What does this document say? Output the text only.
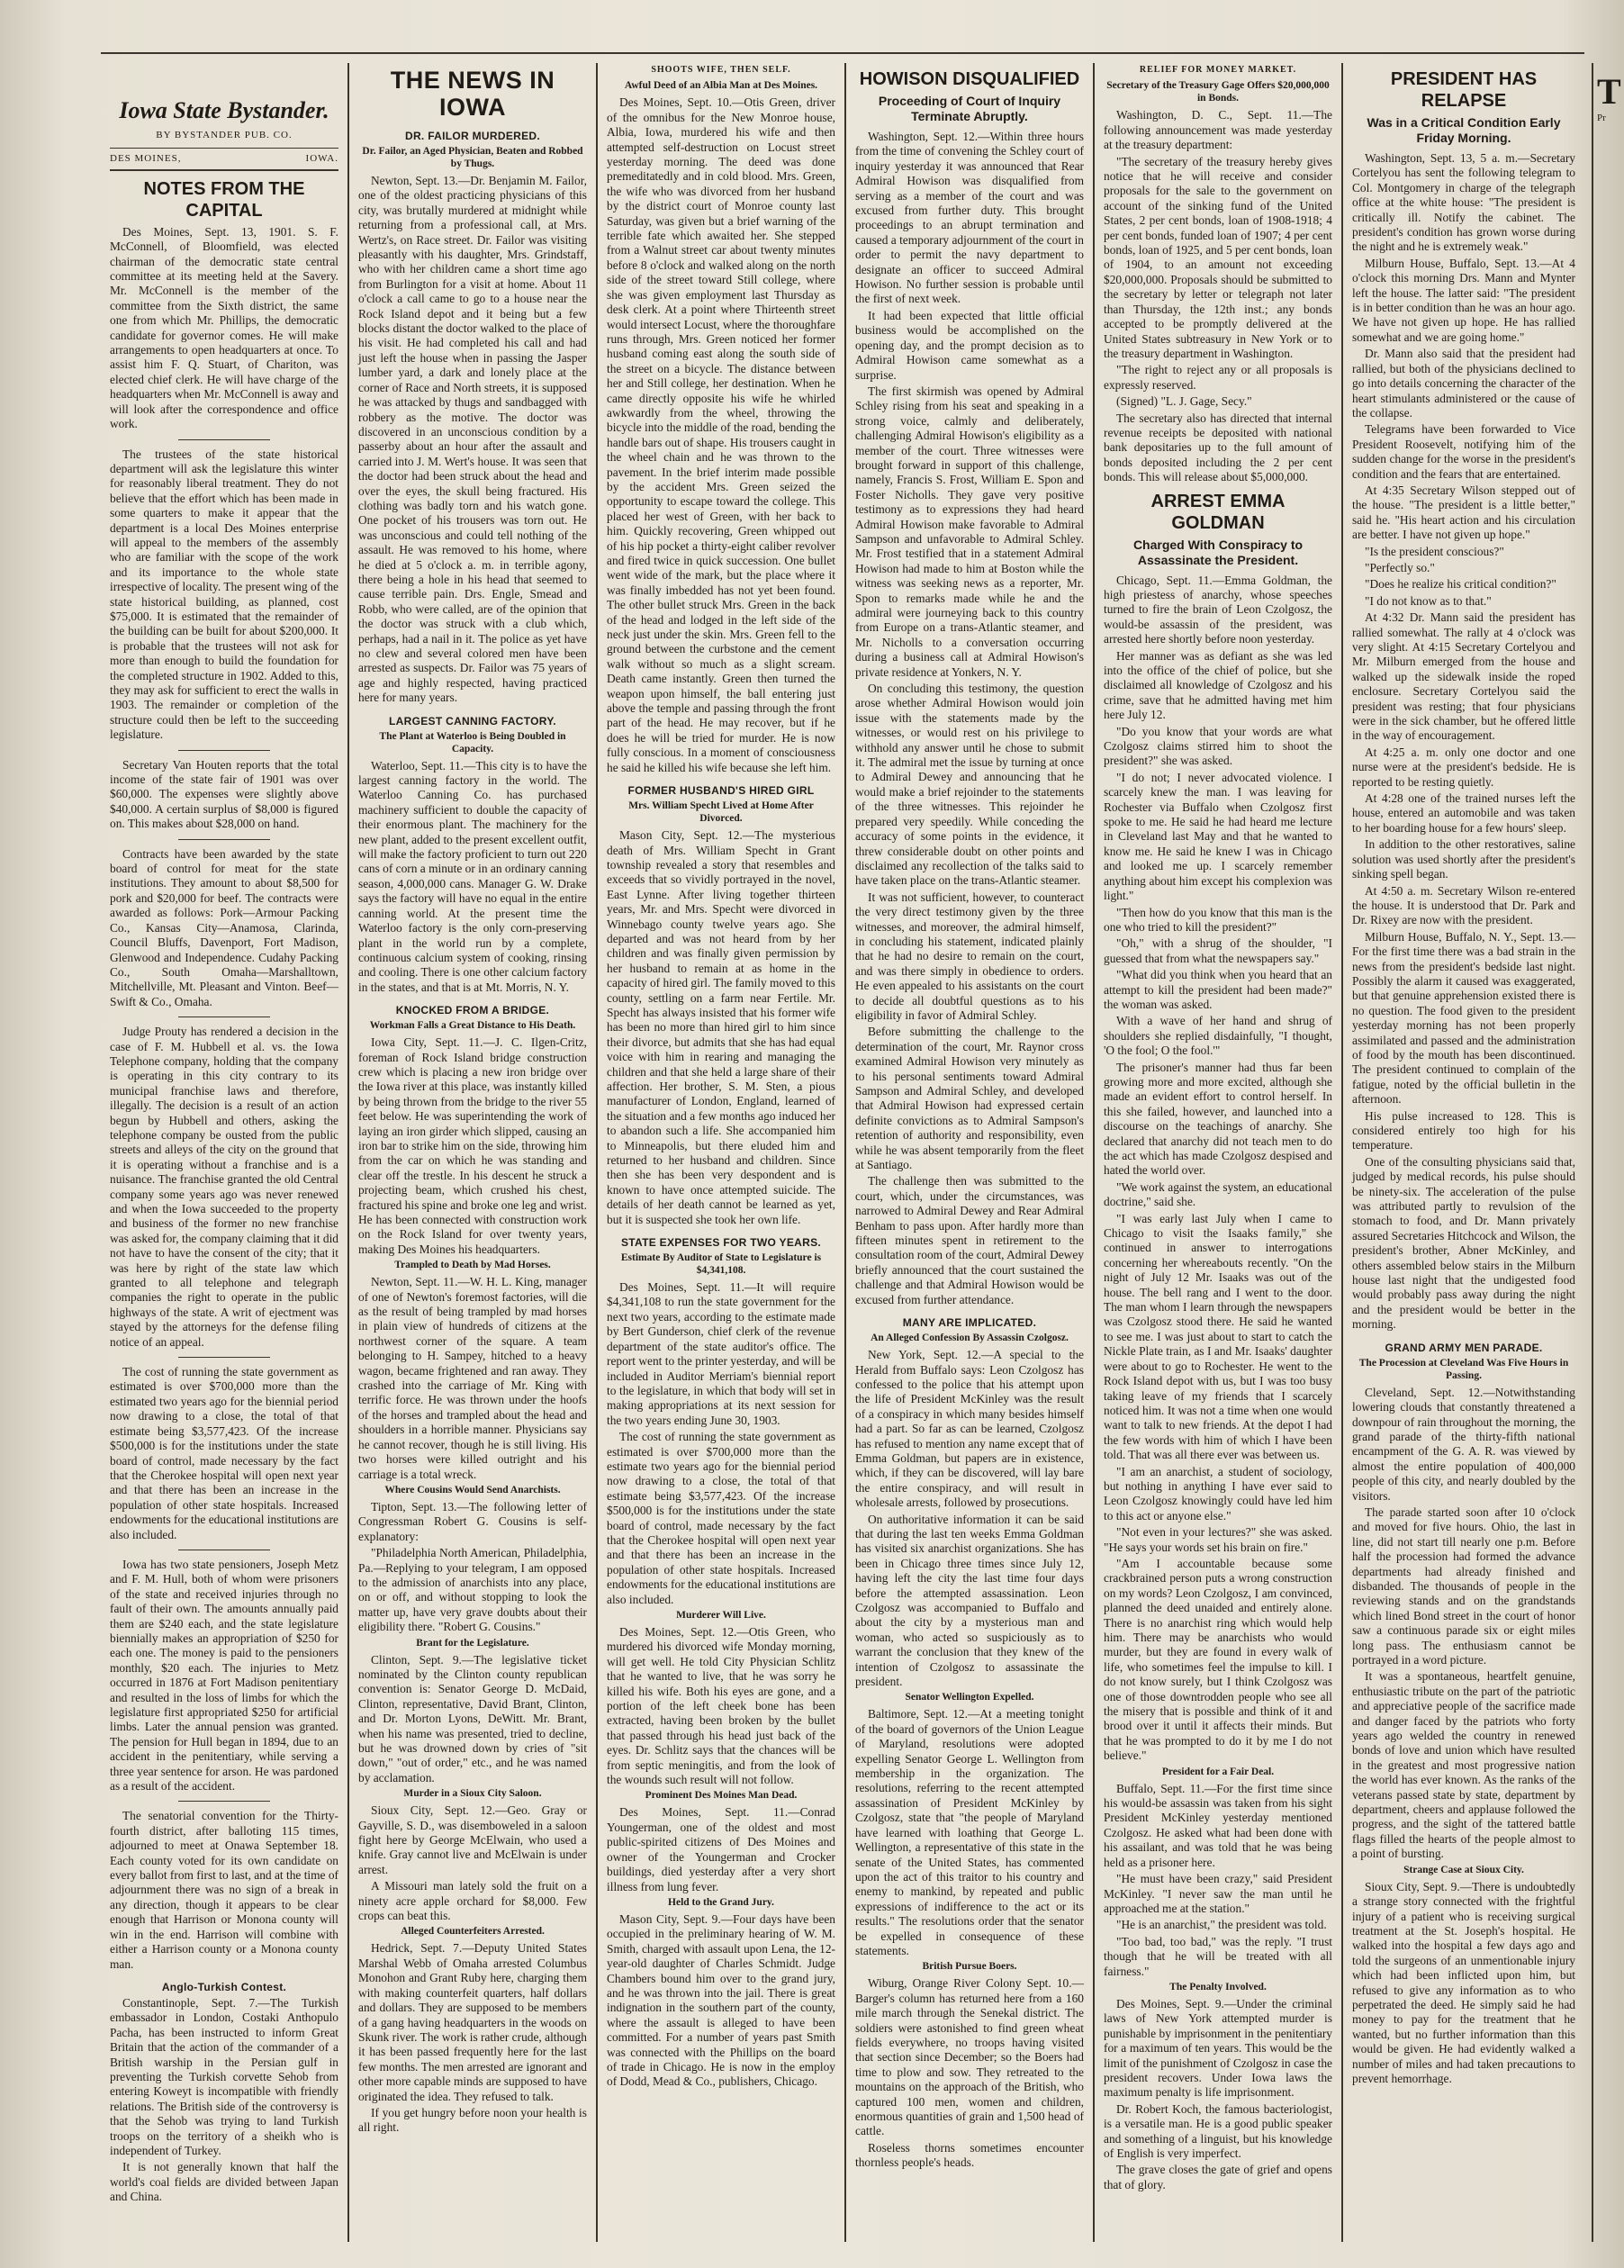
Iowa State Bystander.
BY BYSTANDER PUB. CO.
DES MOINES,	IOWA.
NOTES FROM THE CAPITAL

Des Moines, Sept. 13, 1901. S. F. McConnell, of Bloomfield, was elected chairman of the democratic state central committee at its meeting held at the Savery. Mr. McConnell is the member of the committee from the Sixth district, the same one from which Mr. Phillips, the democratic candidate for governor comes. He will make arrangements to open headquarters at once. To assist him F. Q. Stuart, of Chariton, was elected chief clerk. He will have charge of the headquarters when Mr. McConnell is away and will look after the correspondence and office work.

The trustees of the state historical department will ask the legislature this winter for reasonably liberal treatment. They do not believe that the effort which has been made in some quarters to make it appear that the department is a local Des Moines enterprise will appeal to the members of the assembly who are familiar with the scope of the work and its importance to the whole state irrespective of locality. The present wing of the state historical building, as planned, cost $75,000. It is estimated that the remainder of the building can be built for about $200,000. It is probable that the trustees will not ask for more than enough to build the foundation for the completed structure in 1902. Added to this, they may ask for sufficient to erect the walls in 1903. The remainder or completion of the structure could then be left to the succeeding legislature.

Secretary Van Houten reports that the total income of the state fair of 1901 was over $60,000. The expenses were slightly above $40,000. A certain surplus of $8,000 is figured on. This makes about $28,000 on hand.

Contracts have been awarded by the state board of control for meat for the state institutions. They amount to about $8,500 for pork and $20,000 for beef. The contracts were awarded as follows: Pork—Armour Packing Co., Kansas City—Anamosa, Clarinda, Council Bluffs, Davenport, Fort Madison, Glenwood and Independence. Cudahy Packing Co., South Omaha—Marshalltown, Mitchellville, Mt. Pleasant and Vinton. Beef—Swift & Co., Omaha.

Judge Prouty has rendered a decision in the case of F. M. Hubbell et al. vs. the Iowa Telephone company, holding that the company is operating in this city contrary to its municipal franchise laws and therefore, illegally. The decision is a result of an action begun by Hubbell and others, asking the telephone company be ousted from the public streets and alleys of the city on the ground that it is operating without a franchise and is a nuisance. The franchise granted the old Central company some years ago was never renewed and when the Iowa succeeded to the property and business of the former no new franchise was asked for, the company claiming that it did not have to have the consent of the city; that it was here by right of the state law which granted to all telephone and telegraph companies the right to operate in the public highways of the state. A writ of ejectment was stayed by the attorneys for the defense filing notice of an appeal.

The cost of running the state government as estimated is over $700,000 more than the estimated two years ago for the biennial period now drawing to a close, the total of that estimate being $3,577,423. Of the increase $500,000 is for the institutions under the state board of control, made necessary by the fact that the Cherokee hospital will open next year and that there has been an increase in the population of other state hospitals. Increased endowments for the educational institutions are also included.

Iowa has two state pensioners, Joseph Metz and F. M. Hull, both of whom were prisoners of the state and received injuries through no fault of their own. The amounts annually paid them are $240 each, and the state legislature biennially makes an appropriation of $250 for each one. The money is paid to the pensioners monthly, $20 each. The injuries to Metz occurred in 1876 at Fort Madison penitentiary and resulted in the loss of limbs for which the legislature first appropriated $250 for artificial limbs. Later the annual pension was granted. The pension for Hull began in 1894, due to an accident in the penitentiary, while serving a three year sentence for arson. He was pardoned as a result of the accident.

The senatorial convention for the Thirty-fourth district, after balloting 115 times, adjourned to meet at Onawa September 18. Each county voted for its own candidate on every ballot from first to last, and at the time of adjournment there was no sign of a break in any direction, though it appears to be clear enough that Harrison or Monona county will win in the end. Harrison will combine with either a Harrison county or a Monona county man.

Anglo-Turkish Contest.

Constantinople, Sept. 7.—The Turkish embassador in London, Costaki Anthopulo Pacha, has been instructed to inform Great Britain that the action of the commander of a British warship in the Persian gulf in preventing the Turkish corvette Sehob from entering Koweyt is incompatible with friendly relations. The British side of the controversy is that the Sehob was trying to land Turkish troops on the territory of a sheikh who is independent of Turkey.

It is not generally known that half the world's coal fields are divided between Japan and China.

THE NEWS IN IOWA
DR. FAILOR MURDERED.
Dr. Failor, an Aged Physician, Beaten and Robbed by Thugs.

Newton, Sept. 13.—Dr. Benjamin M. Failor, one of the oldest practicing physicians of this city, was brutally murdered at midnight while returning from a professional call, at Mrs. Wertz's, on Race street. Dr. Failor was visiting pleasantly with his daughter, Mrs. Grindstaff, who with her children came a short time ago from Burlington for a visit at home. About 11 o'clock a call came to go to a house near the Rock Island depot and it being but a few blocks distant the doctor walked to the place of his visit. He had completed his call and had just left the house when in passing the Jasper lumber yard, a dark and lonely place at the corner of Race and North streets, it is supposed he was attacked by thugs and sandbagged with robbery as the motive. The doctor was discovered in an unconscious condition by a passerby about an hour after the assault and carried into J. M. Wert's house. It was seen that the doctor had been struck about the head and over the eyes, the skull being fractured. His clothing was badly torn and his watch gone. One pocket of his trousers was torn out. He was unconscious and could tell nothing of the assault. He was removed to his home, where he died at 5 o'clock a. m. in terrible agony, there being a hole in his head that seemed to cause terrible pain. Drs. Engle, Smead and Robb, who were called, are of the opinion that the doctor was struck with a club which, perhaps, had a nail in it. The police as yet have no clew and several colored men have been arrested as suspects. Dr. Failor was 75 years of age and highly respected, having practiced here for many years.

LARGEST CANNING FACTORY.
The Plant at Waterloo is Being Doubled in Capacity.

Waterloo, Sept. 11.—This city is to have the largest canning factory in the world. The Waterloo Canning Co. has purchased machinery sufficient to double the capacity of their enormous plant. The machinery for the new plant, added to the present excellent outfit, will make the factory proficient to turn out 220 cans of corn a minute or in an ordinary canning season, 4,000,000 cans. Manager G. W. Drake says the factory will have no equal in the entire canning world. At the present time the Waterloo factory is the only corn-preserving plant in the world run by a complete, continuous calcium system of cooking, rinsing and cooling. There is one other calcium factory in the states, and that is at Mt. Morris, N. Y.

KNOCKED FROM A BRIDGE.
Workman Falls a Great Distance to His Death.

Iowa City, Sept. 11.—J. C. Ilgen-Critz, foreman of Rock Island bridge construction crew which is placing a new iron bridge over the Iowa river at this place, was instantly killed by being thrown from the bridge to the river 55 feet below. He was superintending the work of laying an iron girder which slipped, causing an iron bar to strike him on the side, throwing him from the car on which he was standing and clear off the trestle. In his descent he struck a projecting beam, which crushed his chest, fractured his spine and broke one leg and wrist. He has been connected with construction work on the Rock Island for over twenty years, making Des Moines his headquarters.

Trampled to Death by Mad Horses.

Newton, Sept. 11.—W. H. L. King, manager of one of Newton's foremost factories, will die as the result of being trampled by mad horses in plain view of hundreds of citizens at the northwest corner of the square. A team belonging to H. Sampey, hitched to a heavy wagon, became frightened and ran away. They crashed into the carriage of Mr. King with terrific force. He was thrown under the hoofs of the horses and trampled about the head and shoulders in a horrible manner. Physicians say he cannot recover, though he is still living. His two horses were killed outright and his carriage is a total wreck.

Where Cousins Would Send Anarchists.

Tipton, Sept. 13.—The following letter of Congressman Robert G. Cousins is self-explanatory:

"Philadelphia North American, Philadelphia, Pa.—Replying to your telegram, I am opposed to the admission of anarchists into any place, on or off, and without stopping to look the matter up, have very grave doubts about their eligibility there. "Robert G. Cousins."

Brant for the Legislature.

Clinton, Sept. 9.—The legislative ticket nominated by the Clinton county republican convention is: Senator George D. McDaid, Clinton, representative, David Brant, Clinton, and Dr. Morton Lyons, DeWitt. Mr. Brant, when his name was presented, tried to decline, but he was drowned down by cries of "sit down," "out of order," etc., and he was named by acclamation.

Murder in a Sioux City Saloon.

Sioux City, Sept. 12.—Geo. Gray or Gayville, S. D., was disemboweled in a saloon fight here by George McElwain, who used a knife. Gray cannot live and McElwain is under arrest.

A Missouri man lately sold the fruit on a ninety acre apple orchard for $8,000. Few crops can beat this.

Alleged Counterfeiters Arrested.

Hedrick, Sept. 7.—Deputy United States Marshal Webb of Omaha arrested Columbus Monohon and Grant Ruby here, charging them with making counterfeit quarters, half dollars and dollars. They are supposed to be members of a gang having headquarters in the woods on Skunk river. The work is rather crude, although it has been passed frequently here for the last few months. The men arrested are ignorant and other more capable minds are supposed to have originated the idea. They refused to talk.

If you get hungry before noon your health is all right.

SHOOTS WIFE, THEN SELF.
Awful Deed of an Albia Man at Des Moines.

Des Moines, Sept. 10.—Otis Green, driver of the omnibus for the New Monroe house, Albia, Iowa, murdered his wife and then attempted self-destruction on Locust street yesterday morning. The deed was done premeditatedly and in cold blood. Mrs. Green, the wife who was divorced from her husband by the district court of Monroe county last Saturday, was given but a brief warning of the terrible fate which awaited her. She stepped from a Walnut street car about twenty minutes before 8 o'clock and walked along on the north side of the street toward Still college, where she was given employment last Thursday as desk clerk. At a point where Thirteenth street would intersect Locust, where the thoroughfare runs through, Mrs. Green noticed her former husband coming east along the south side of the street on a bicycle. The distance between her and Still college, her destination. When he came directly opposite his wife he whirled awkwardly from the wheel, throwing the bicycle into the middle of the road, bending the handle bars out of shape. His trousers caught in the wheel chain and he was thrown to the pavement. In the brief interim made possible by the accident Mrs. Green seized the opportunity to escape toward the college. This placed her west of Green, with her back to him. Quickly recovering, Green whipped out of his hip pocket a thirty-eight caliber revolver and fired twice in quick succession. One bullet went wide of the mark, but the place where it was finally imbedded has not yet been found. The other bullet struck Mrs. Green in the back of the head and lodged in the left side of the neck just under the skin. Mrs. Green fell to the ground between the curbstone and the cement walk without so much as a slight scream. Death came instantly. Green then turned the weapon upon himself, the ball entering just above the temple and passing through the front part of the head. He may recover, but if he does he will be tried for murder. He is now fully conscious. In a moment of consciousness he said he killed his wife because she left him.

FORMER HUSBAND'S HIRED GIRL
Mrs. William Specht Lived at Home After Divorced.

Mason City, Sept. 12.—The mysterious death of Mrs. William Specht in Grant township revealed a story that resembles and exceeds that so vividly portrayed in the novel, East Lynne. After living together thirteen years, Mr. and Mrs. Specht were divorced in Winnebago county twelve years ago. She departed and was not heard from by her children and was finally given permission by her husband to remain at as home in the capacity of hired girl. The family moved to this county, settling on a farm near Fertile. Mr. Specht has always insisted that his former wife has been no more than hired girl to him since their divorce, but admits that she has had equal voice with him in rearing and managing the children and that she held a large share of their affection. Her brother, S. M. Sten, a pious manufacturer of London, England, learned of the situation and a few months ago induced her to abandon such a life. She accompanied him to Minneapolis, but there eluded him and returned to her husband and children. Since then she has been very despondent and is known to have once attempted suicide. The details of her death cannot be learned as yet, but it is suspected she took her own life.

STATE EXPENSES FOR TWO YEARS.
Estimate By Auditor of State to Legislature is $4,341,108.

Des Moines, Sept. 11.—It will require $4,341,108 to run the state government for the next two years, according to the estimate made by Bert Gunderson, chief clerk of the revenue department of the state auditor's office. The report went to the printer yesterday, and will be included in Auditor Merriam's biennial report to the legislature, in which that body will set in making appropriations at its next session for the two years ending June 30, 1903.

The cost of running the state government as estimated is over $700,000 more than the estimate two years ago for the biennial period now drawing to a close, the total of that estimate being $3,577,423. Of the increase $500,000 is for the institutions under the state board of control, made necessary by the fact that the Cherokee hospital will open next year and that there has been an increase in the population of other state hospitals. Increased endowments for the educational institutions are also included.

Murderer Will Live.

Des Moines, Sept. 12.—Otis Green, who murdered his divorced wife Monday morning, will get well. He told City Physician Schlitz that he wanted to live, that he was sorry he killed his wife. Both his eyes are gone, and a portion of the left cheek bone has been extracted, having been broken by the bullet that passed through his head just back of the eyes. Dr. Schlitz says that the chances will be from septic meningitis, and from the look of the wounds such result will not follow.

Prominent Des Moines Man Dead.

Des Moines, Sept. 11.—Conrad Youngerman, one of the oldest and most public-spirited citizens of Des Moines and owner of the Youngerman and Crocker buildings, died yesterday after a very short illness from lung fever.

Held to the Grand Jury.

Mason City, Sept. 9.—Four days have been occupied in the preliminary hearing of W. M. Smith, charged with assault upon Lena, the 12-year-old daughter of Charles Schmidt. Judge Chambers bound him over to the grand jury, and he was thrown into the jail. There is great indignation in the southern part of the county, where the assault is alleged to have been committed. For a number of years past Smith was connected with the Phillips on the board of trade in Chicago. He is now in the employ of Dodd, Mead & Co., publishers, Chicago.

HOWISON DISQUALIFIED
Proceeding of Court of Inquiry Terminate Abruptly.

Washington, Sept. 12.—Within three hours from the time of convening the Schley court of inquiry yesterday it was announced that Rear Admiral Howison was disqualified from serving as a member of the court and was excused from further duty. This brought proceedings to an abrupt termination and caused a temporary adjournment of the court in order to permit the navy department to designate an officer to succeed Admiral Howison. No further session is probable until the first of next week.

It had been expected that little official business would be accomplished on the opening day, and the prompt decision as to Admiral Howison came somewhat as a surprise.

The first skirmish was opened by Admiral Schley rising from his seat and speaking in a strong voice, calmly and deliberately, challenging Admiral Howison's eligibility as a member of the court. Three witnesses were brought forward in support of this challenge, namely, Francis S. Frost, William E. Spon and Foster Nicholls. They gave very positive testimony as to expressions they had heard Admiral Howison make favorable to Admiral Sampson and unfavorable to Admiral Schley. Mr. Frost testified that in a statement Admiral Howison had made to him at Boston while the witness was seeking news as a reporter, Mr. Spon to remarks made while he and the admiral were journeying back to this country from Europe on a trans-Atlantic steamer, and Mr. Nicholls to a conversation occurring during a business call at Admiral Howison's private residence at Yonkers, N. Y.

On concluding this testimony, the question arose whether Admiral Howison would join issue with the statements made by the witnesses, or would rest on his privilege to withhold any answer until he chose to submit it. The admiral met the issue by turning at once to Admiral Dewey and announcing that he would make a brief rejoinder to the statements of the three witnesses. This rejoinder he prepared very speedily. While conceding the accuracy of some points in the evidence, it threw considerable doubt on other points and disclaimed any recollection of the talks said to have taken place on the trans-Atlantic steamer.

It was not sufficient, however, to counteract the very direct testimony given by the three witnesses, and moreover, the admiral himself, in concluding his statement, indicated plainly that he had no desire to remain on the court, and was there simply in obedience to orders. He even appealed to his assistants on the court to decide all doubtful questions as to his eligibility in favor of Admiral Schley.

Before submitting the challenge to the determination of the court, Mr. Raynor cross examined Admiral Howison very minutely as to his personal sentiments toward Admiral Sampson and Admiral Schley, and developed that Admiral Howison had expressed certain definite convictions as to Admiral Sampson's retention of authority and responsibility, even while he was absent temporarily from the fleet at Santiago.

The challenge then was submitted to the court, which, under the circumstances, was narrowed to Admiral Dewey and Rear Admiral Benham to pass upon. After hardly more than fifteen minutes spent in retirement to the consultation room of the court, Admiral Dewey briefly announced that the court sustained the challenge and that Admiral Howison would be excused from further attendance.

MANY ARE IMPLICATED.
An Alleged Confession By Assassin Czolgosz.

New York, Sept. 12.—A special to the Herald from Buffalo says: Leon Czolgosz has confessed to the police that his attempt upon the life of President McKinley was the result of a conspiracy in which many besides himself had a part. So far as can be learned, Czolgosz has refused to mention any name except that of Emma Goldman, but papers are in existence, which, if they can be discovered, will lay bare the entire conspiracy, and will result in wholesale arrests, followed by prosecutions.

On authoritative information it can be said that during the last ten weeks Emma Goldman has visited six anarchist organizations. She has been in Chicago three times since July 12, having left the city the last time four days before the attempted assassination. Leon Czolgosz was accompanied to Buffalo and about the city by a mysterious man and woman, who acted so suspiciously as to warrant the conclusion that they knew of the intention of Czolgosz to assassinate the president.

Senator Wellington Expelled.

Baltimore, Sept. 12.—At a meeting tonight of the board of governors of the Union League of Maryland, resolutions were adopted expelling Senator George L. Wellington from membership in the organization. The resolutions, referring to the recent attempted assassination of President McKinley by Czolgosz, state that "the people of Maryland have learned with loathing that George L. Wellington, a representative of this state in the senate of the United States, has commented upon the act of this traitor to his country and enemy to mankind, by repeated and public expressions of indifference to the act or its results." The resolutions order that the senator be expelled in consequence of these statements.

British Pursue Boers.

Wiburg, Orange River Colony Sept. 10.—Barger's column has returned here from a 160 mile march through the Senekal district. The soldiers were astonished to find green wheat fields everywhere, no troops having visited that section since December; so the Boers had time to plow and sow. They retreated to the mountains on the approach of the British, who captured 100 men, women and children, enormous quantities of grain and 1,500 head of cattle.

Roseless thorns sometimes encounter thornless people's heads.

RELIEF FOR MONEY MARKET.
Secretary of the Treasury Gage Offers $20,000,000 in Bonds.

Washington, D. C., Sept. 11.—The following announcement was made yesterday at the treasury department:

"The secretary of the treasury hereby gives notice that he will receive and consider proposals for the sale to the government on account of the sinking fund of the United States, 2 per cent bonds, loan of 1908-1918; 4 per cent bonds, funded loan of 1907; 4 per cent bonds, loan of 1925, and 5 per cent bonds, loan of 1904, to an amount not exceeding $20,000,000. Proposals should be submitted to the secretary by letter or telegraph not later than Thursday, the 12th inst.; any bonds accepted to be promptly delivered at the United States subtreasury in New York or to the treasury department in Washington.

"The right to reject any or all proposals is expressly reserved.

(Signed) "L. J. Gage, Secy."

The secretary also has directed that internal revenue receipts be deposited with national bank depositaries up to the full amount of bonds deposited including the 2 per cent bonds. This will release about $5,000,000.

ARREST EMMA GOLDMAN
Charged With Conspiracy to Assassinate the President.

Chicago, Sept. 11.—Emma Goldman, the high priestess of anarchy, whose speeches turned to fire the brain of Leon Czolgosz, the would-be assassin of the president, was arrested here shortly before noon yesterday.

Her manner was as defiant as she was led into the office of the chief of police, but she disclaimed all knowledge of Czolgosz and his crime, save that he admitted having met him here July 12.

"Do you know that your words are what Czolgosz claims stirred him to shoot the president?" she was asked.

"I do not; I never advocated violence. I scarcely knew the man. I was leaving for Rochester via Buffalo when Czolgosz first spoke to me. He said he had heard me lecture in Cleveland last May and that he wanted to know me. He said he knew I was in Chicago and looked me up. I scarcely remember anything about him except his complexion was light."

"Then how do you know that this man is the one who tried to kill the president?"

"Oh," with a shrug of the shoulder, "I guessed that from what the newspapers say."

"What did you think when you heard that an attempt to kill the president had been made?" the woman was asked.

With a wave of her hand and shrug of shoulders she replied disdainfully, "I thought, 'O the fool; O the fool.'"

The prisoner's manner had thus far been growing more and more excited, although she made an evident effort to control herself. In this she failed, however, and launched into a discourse on the teachings of anarchy. She declared that anarchy did not teach men to do the act which has made Czolgosz despised and hated the world over.

"We work against the system, an educational doctrine," said she.

"I was early last July when I came to Chicago to visit the Isaaks family," she continued in answer to interrogations concerning her whereabouts recently. "On the night of July 12 Mr. Isaaks was out of the house. The bell rang and I went to the door. The man whom I learn through the newspapers was Czolgosz stood there. He said he wanted to see me. I was just about to start to catch the Nickle Plate train, as I and Mr. Isaaks' daughter were about to go to Rochester. He went to the Rock Island depot with us, but I was too busy taking leave of my friends that I scarcely noticed him. It was not a time when one would want to talk to new friends. At the depot I had the few words with him of which I have been told. That was all there ever was between us.

"I am an anarchist, a student of sociology, but nothing in anything I have ever said to Leon Czolgosz knowingly could have led him to this act or anyone else."

"Not even in your lectures?" she was asked. "He says your words set his brain on fire."

"Am I accountable because some crackbrained person puts a wrong construction on my words? Leon Czolgosz, I am convinced, planned the deed unaided and entirely alone. There is no anarchist ring which would help him. There may be anarchists who would murder, but they are found in every walk of life, who sometimes feel the impulse to kill. I do not know surely, but I think Czolgosz was one of those downtrodden people who see all the misery that is possible and think of it and brood over it until it affects their minds. But that he was prompted to do it by me I do not believe."

President for a Fair Deal.

Buffalo, Sept. 11.—For the first time since his would-be assassin was taken from his sight President McKinley yesterday mentioned Czolgosz. He asked what had been done with his assailant, and was told that he was being held as a prisoner here.

"He must have been crazy," said President McKinley. "I never saw the man until he approached me at the station."

"He is an anarchist," the president was told.

"Too bad, too bad," was the reply. "I trust though that he will be treated with all fairness."

The Penalty Involved.

Des Moines, Sept. 9.—Under the criminal laws of New York attempted murder is punishable by imprisonment in the penitentiary for a maximum of ten years. This would be the limit of the punishment of Czolgosz in case the president recovers. Under Iowa laws the maximum penalty is life imprisonment.

Dr. Robert Koch, the famous bacteriologist, is a versatile man. He is a good public speaker and something of a linguist, but his knowledge of English is very imperfect.

The grave closes the gate of grief and opens that of glory.

PRESIDENT HAS RELAPSE
Was in a Critical Condition Early Friday Morning.

Washington, Sept. 13, 5 a. m.—Secretary Cortelyou has sent the following telegram to Col. Montgomery in charge of the telegraph office at the white house: "The president is critically ill. Notify the cabinet. The president's condition has grown worse during the night and he is extremely weak."

Milburn House, Buffalo, Sept. 13.—At 4 o'clock this morning Drs. Mann and Mynter left the house. The latter said: "The president is in better condition than he was an hour ago. We have not given up hope. He has rallied somewhat and we are going home."

Dr. Mann also said that the president had rallied, but both of the physicians declined to go into details concerning the character of the heart stimulants administered or the cause of the collapse.

Telegrams have been forwarded to Vice President Roosevelt, notifying him of the sudden change for the worse in the president's condition and the fears that are entertained.

At 4:35 Secretary Wilson stepped out of the house. "The president is a little better," said he. "His heart action and his circulation are better. I have not given up hope."

"Is the president conscious?"

"Perfectly so."

"Does he realize his critical condition?"

"I do not know as to that."

At 4:32 Dr. Mann said the president has rallied somewhat. The rally at 4 o'clock was very slight. At 4:15 Secretary Cortelyou and Mr. Milburn emerged from the house and walked up the sidewalk inside the roped enclosure. Secretary Cortelyou said the president was resting; that four physicians were in the sick chamber, but he offered little in the way of encouragement.

At 4:25 a. m. only one doctor and one nurse were at the president's bedside. He is reported to be resting quietly.

At 4:28 one of the trained nurses left the house, entered an automobile and was taken to her boarding house for a few hours' sleep.

In addition to the other restoratives, saline solution was used shortly after the president's sinking spell began.

At 4:50 a. m. Secretary Wilson re-entered the house. It is understood that Dr. Park and Dr. Rixey are now with the president.

Milburn House, Buffalo, N. Y., Sept. 13.—For the first time there was a bad strain in the news from the president's bedside last night. Possibly the alarm it caused was exaggerated, but that genuine apprehension existed there is no question. The food given to the president yesterday morning has not been properly assimilated and passed and the administration of food by the mouth has been discontinued. The president continued to complain of the fatigue, noted by the official bulletin in the afternoon.

His pulse increased to 128. This is considered entirely too high for his temperature.

One of the consulting physicians said that, judged by medical records, his pulse should be ninety-six. The acceleration of the pulse was attributed partly to revulsion of the stomach to food, and Dr. Mann privately assured Secretaries Hitchcock and Wilson, the president's brother, Abner McKinley, and others assembled below stairs in the Milburn house last night that the undigested food would probably pass away during the night and the president would be better in the morning.

GRAND ARMY MEN PARADE.
The Procession at Cleveland Was Five Hours in Passing.

Cleveland, Sept. 12.—Notwithstanding lowering clouds that constantly threatened a downpour of rain throughout the morning, the grand parade of the thirty-fifth national encampment of the G. A. R. was viewed by almost the entire population of 400,000 people of this city, and nearly doubled by the visitors.

The parade started soon after 10 o'clock and moved for five hours. Ohio, the last in line, did not start till nearly one p.m. Before half the procession had formed the advance departments had already finished and disbanded. The thousands of people in the reviewing stands and on the grandstands which lined Bond street in the court of honor saw a continuous parade six or eight miles long pass. The enthusiasm cannot be portrayed in a word picture.

It was a spontaneous, heartfelt genuine, enthusiastic tribute on the part of the patriotic and appreciative people of the sacrifice made and danger faced by the patriots who forty years ago welded the country in renewed bonds of love and union which have resulted in the greatest and most progressive nation the world has ever known. As the ranks of the veterans passed state by state, department by department, cheers and applause followed the progress, and the sight of the tattered battle flags filled the hearts of the people almost to a point of bursting.

Strange Case at Sioux City.

Sioux City, Sept. 9.—There is undoubtedly a strange story connected with the frightful injury of a patient who is receiving surgical treatment at the St. Joseph's hospital. He walked into the hospital a few days ago and told the surgeons of an unmentionable injury which had been inflicted upon him, but refused to give any information as to who perpetrated the deed. He simply said he had money to pay for the treatment that he wanted, but no further information than this would be given. He had evidently walked a number of miles and had taken precautions to prevent hemorrhage.

T
Pr
